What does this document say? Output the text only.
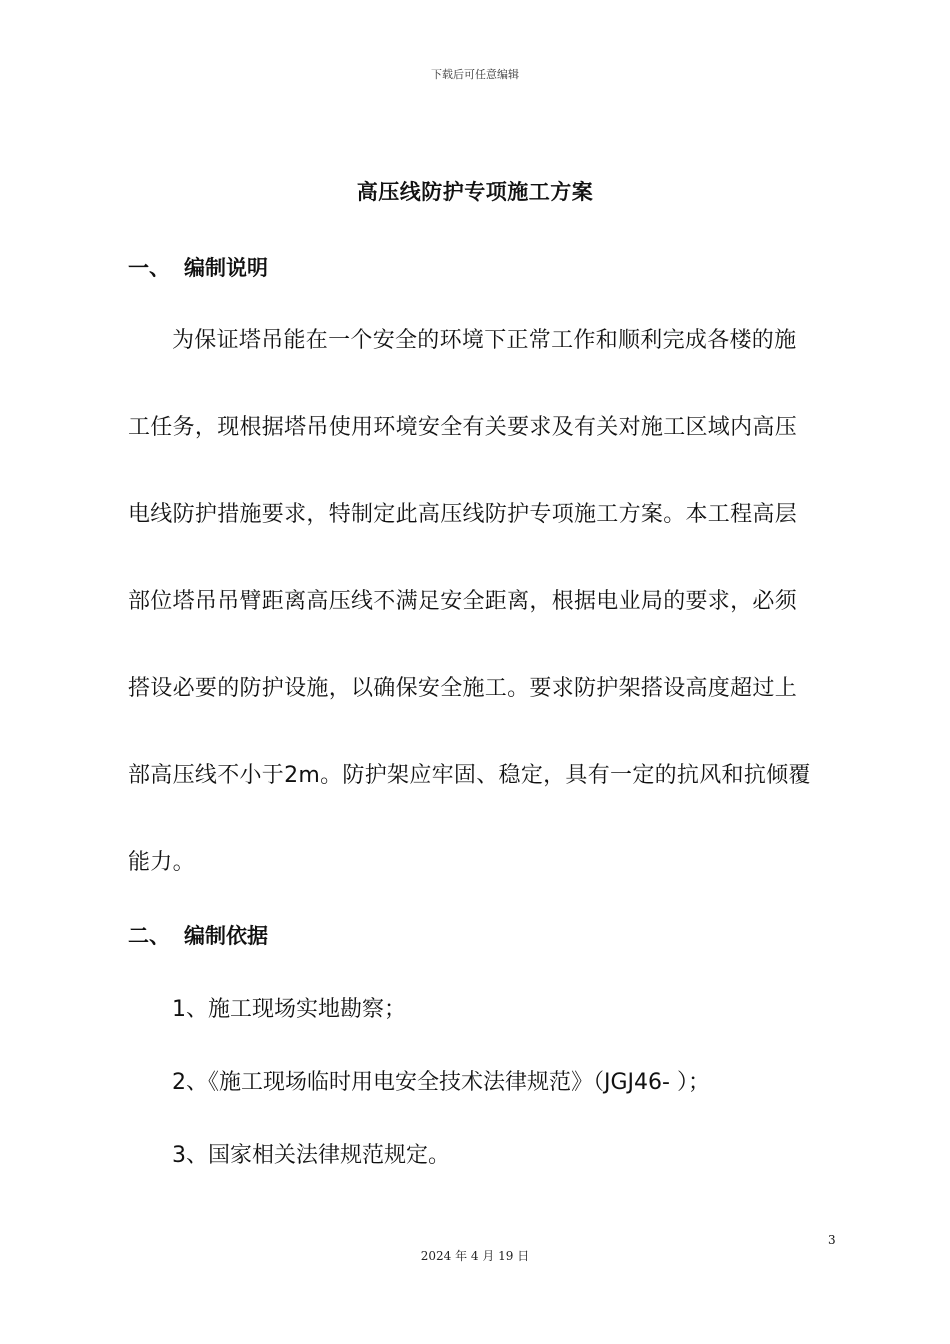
下载后可任意编辑
高压线防护专项施工方案
一、 编制说明
为保证塔吊能在一个安全的环境下正常工作和顺利完成各楼的施
工任务，现根据塔吊使用环境安全有关要求及有关对施工区域内高压
电线防护措施要求，特制定此高压线防护专项施工方案。本工程高层
部位塔吊吊臂距离高压线不满足安全距离，根据电业局的要求，必须
搭设必要的防护设施，以确保安全施工。要求防护架搭设高度超过上
部高压线不小于2m。防护架应牢固、稳定，具有一定的抗风和抗倾覆
能力。
二、 编制依据
1、施工现场实地勘察；
2、《施工现场临时用电安全技术法律规范》（JGJ46- ）；
3、国家相关法律规范规定。
3
2024 年 4 月 19 日
